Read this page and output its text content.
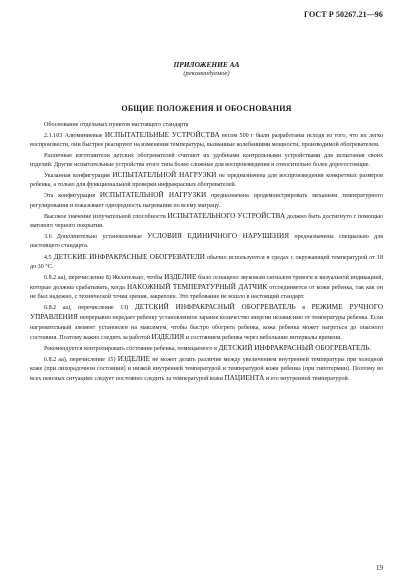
ГОСТ Р 50267.21—96
ПРИЛОЖЕНИЕ АА
(рекомендуемое)
ОБЩИЕ ПОЛОЖЕНИЯ И ОБОСНОВАНИЯ

Обоснование отдельных пунктов настоящего стандарта

2.1.103 Алюминиевые ИСПЫТАТЕЛЬНЫЕ УСТРОЙСТВА весом 500 г были разработаны исходя из того, что их легко воспроизвести, они быстрее реагируют на изменения температуры, вызванные колебаниями мощности, производимой обогревателем.

Различные изготовители детских обогревателей считают их удобными контрольными устройствами для испытания своих изделий. Другие испытательные устройства этого типа более сложные для воспроизведения и относительно более дорогостоящие.

Указанная конфигурация ИСПЫТАТЕЛЬНОЙ НАГРУЗКИ не предназначена для воспроизведения конкретных размеров ребенка, а только для функциональной проверки инфракрасных обогревателей.

Эта конфигурация ИСПЫТАТЕЛЬНОЙ НАГРУЗКИ предназначена продемонстрировать механизм температурного регулирования и показывает однородность нагревания по всему матрацу.

Высокое значение излучательной способности ИСПЫТАТЕЛЬНОГО УСТРОЙСТВА должно быть достигнуто с помощью матового черного покрытия.

3.6 Дополнительно установленные УСЛОВИЯ ЕДИНИЧНОГО НАРУШЕНИЯ предназначены специально для настоящего стандарта.

4.5 ДЕТСКИЕ ИНФРАКРАСНЫЕ ОБОГРЕВАТЕЛИ обычно используются в средах с окружающей температурой от 18 до 30 °С.

6.8.2 аа), перечисление 8) Желательно, чтобы ИЗДЕЛИЕ было оснащено звуковым сигналом тревоги и визуальной индикацией, которые должны срабатывать, когда НАКОЖНЫЙ ТЕМПЕРАТУРНЫЙ ДАТЧИК отсоединяется от кожи ребенка, так как он не был надежно, с технической точки зрения, закреплен. Это требование не вошло в настоящий стандарт.

6.8.2 аа), перечисление 13) ДЕТСКИЙ ИНФРАКРАСНЫЙ ОБОГРЕВАТЕЛЬ в РЕЖИМЕ РУЧНОГО УПРАВЛЕНИЯ непрерывно передает ребенку установленное заранее количество энергии независимо от температуры ребенка. Если нагревательный элемент установлен на максимум, чтобы быстро обогреть ребенка, кожа ребенка может нагреться до опасного состояния. Поэтому важно следить за работой ИЗДЕЛИЯ и состоянием ребенка через небольшие интервалы времени.

Рекомендуется контролировать состояние ребенка, помещаемого в ДЕТСКИЙ ИНФРАКРАСНЫЙ ОБОГРЕВАТЕЛЬ.

6.8.2 аа), перечисление 15) ИЗДЕЛИЕ не может делать различие между увеличением внутренней температуры при холодной коже (при лихорадочном состоянии) и низкой внутренней температурой и температурой кожи ребенка (при гипотермии). Поэтому во всех неясных ситуациях следует постоянно следить за температурой кожи ПАЦИЕНТА и его внутренней температурой.

19
